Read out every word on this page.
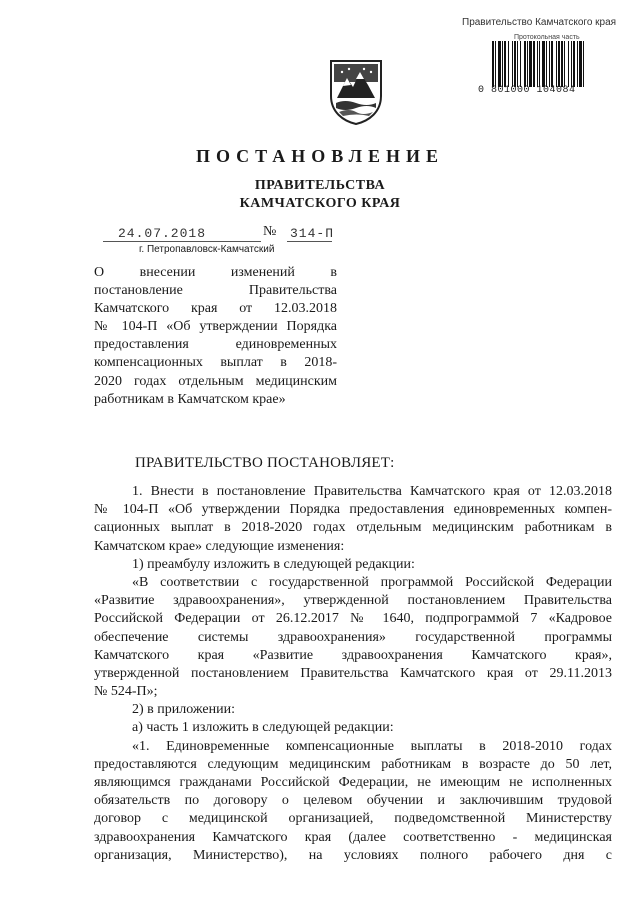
Правительство Камчатского края
Протокольная часть
0 801000 104084
ПОСТАНОВЛЕНИЕ
ПРАВИТЕЛЬСТВА
КАМЧАТСКОГО КРАЯ
24.07.2018	№ 314-П
г. Петропавловск-Камчатский
О внесении изменений в
постановление Правительства
Камчатского края от 12.03.2018
№ 104-П «Об утверждении Порядка
предоставления единовременных
компенсационных выплат в 2018-
2020 годах отдельным медицинским
работникам в Камчатском крае»
ПРАВИТЕЛЬСТВО ПОСТАНОВЛЯЕТ:
1. Внести в постановление Правительства Камчатского края от 12.03.2018
№ 104-П «Об утверждении Порядка предоставления единовременных компен-
сационных выплат в 2018-2020 годах отдельным медицинским работникам в
Камчатском крае» следующие изменения:
1) преамбулу изложить в следующей редакции:
«В соответствии с государственной программой Российской Федерации
«Развитие здравоохранения», утвержденной постановлением Правительства
Российской Федерации от 26.12.2017 № 1640, подпрограммой 7 «Кадровое
обеспечение системы здравоохранения» государственной программы
Камчатского края «Развитие здравоохранения Камчатского края»,
утвержденной постановлением Правительства Камчатского края от 29.11.2013
№ 524-П»;
2) в приложении:
а) часть 1 изложить в следующей редакции:
«1. Единовременные компенсационные выплаты в 2018-2010 годах
предоставляются следующим медицинским работникам в возрасте до 50 лет,
являющимся гражданами Российской Федерации, не имеющим не исполненных
обязательств по договору о целевом обучении и заключившим трудовой
договор с медицинской организацией, подведомственной Министерству
здравоохранения Камчатского края (далее соответственно - медицинская
организация, Министерство), на условиях полного рабочего дня с
